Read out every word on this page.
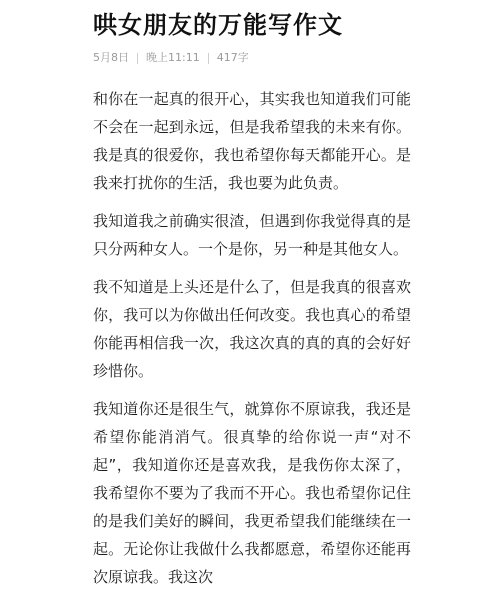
哄女朋友的万能写作文
5月8日 晚上11:11 417字

和你在一起真的很开心，其实我也知道我们可能不会在一起到永远，但是我希望我的未来有你。我是真的很爱你，我也希望你每天都能开心。是我来打扰你的生活，我也要为此负责。

我知道我之前确实很渣，但遇到你我觉得真的是只分两种女人。一个是你，另一种是其他女人。

我不知道是上头还是什么了，但是我真的很喜欢你，我可以为你做出任何改变。我也真心的希望你能再相信我一次，我这次真的真的真的会好好珍惜你。

我知道你还是很生气，就算你不原谅我，我还是希望你能消消气。很真挚的给你说一声“对不起”，我知道你还是喜欢我，是我伤你太深了，我希望你不要为了我而不开心。我也希望你记住的是我们美好的瞬间，我更希望我们能继续在一起。无论你让我做什么我都愿意，希望你还能再次原谅我。我这次
